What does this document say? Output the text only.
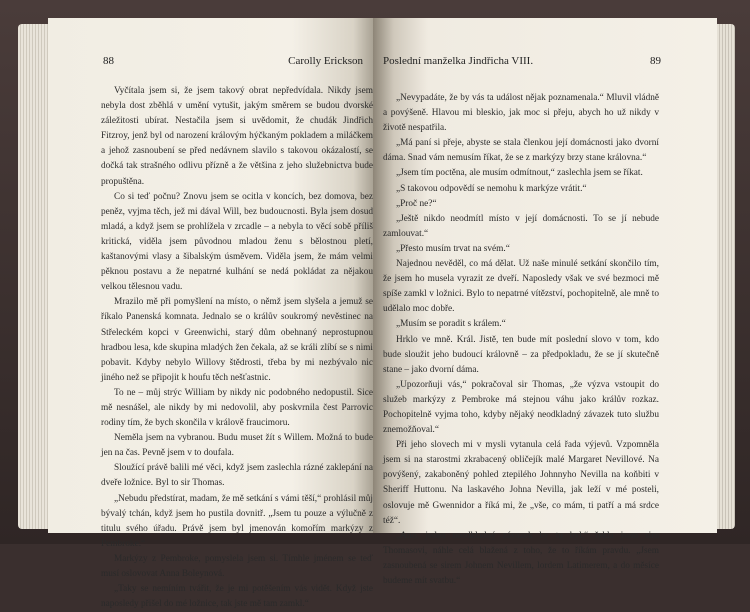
88	Carolly Erickson

Vyčítala jsem si, že jsem takový obrat nepředvídala. Nikdy jsem nebyla dost zběhlá v umění vytušit, jakým směrem se budou dvorské záležitosti ubírat. Nestačila jsem si uvědomit, že chudák Jindřich Fitzroy, jenž byl od narození královým hýčkaným pokladem a miláčkem a jehož zasnoubení se před nedávnem slavilo s takovou okázalostí, se dočká tak strašného odlivu přízně a že většina z jeho služebnictva bude propuštěna.

Co si teď počnu? Znovu jsem se ocitla v koncích, bez domova, bez peněz, vyjma těch, jež mi dával Will, bez budoucnosti. Byla jsem dosud mladá, a když jsem se prohlížela v zrcadle – a nebyla to věcí sobě příliš kritická, viděla jsem původnou mladou ženu s bělostnou pletí, kaštanovými vlasy a šibalským úsměvem. Viděla jsem, že mám velmi pěknou postavu a že nepatrné kulhání se nedá pokládat za nějakou velkou tělesnou vadu.

Mrazilo mě při pomyšlení na místo, o němž jsem slyšela a jemuž se říkalo Panenská komnata. Jednalo se o králův soukromý nevěstinec na Střeleckém kopci v Greenwichi, starý dům obehnaný neprostupnou hradbou lesa, kde skupina mladých žen čekala, až se králi zlíbí se s nimi pobavit. Kdyby nebylo Willovy štědrosti, třeba by mi nezbývalo nic jiného než se připojit k houfu těch nešťastnic.

To ne – můj strýc William by nikdy nic podobného nedopustil. Sice mě nesnášel, ale nikdy by mi nedovolil, aby poskvrnila čest Parrovic rodiny tím, že bych skončila v králově fraucimoru.

Neměla jsem na vybranou. Budu muset žít s Willem. Možná to bude jen na čas. Pevně jsem v to doufala.

Sloužící právě balili mé věci, když jsem zaslechla rázné zaklepání na dveře ložnice. Byl to sir Thomas.

„Nebudu předstírat, madam, že mě setkání s vámi těší,“ prohlásil můj bývalý tchán, když jsem ho pustila dovnitř. „Jsem tu pouze a výlučně z titulu svého úřadu. Právě jsem byl jmenován komořím markýzy z Pembroke.“

Markýzy z Pembroke, pomyslela jsem si. Tímhle jménem se teď musí oslovovat Anna Boleynová.

„Taky se nemíním tvářit, že je mi potěšením vás vidět. Když jste naposledy přišel do mé ložnice, tak jste mě tam zamkl.“

Poslední manželka Jindřicha VIII.	89

„Nevypadáte, že by vás ta událost nějak poznamenala.“ Mluvil vládně a povýšeně. Hlavou mi bleskio, jak moc si přeju, abych ho už nikdy v životě nespatřila.

„Má paní si přeje, abyste se stala členkou její domácnosti jako dvorní dáma. Snad vám nemusím říkat, že se z markýzy brzy stane královna.“

„Jsem tím poctěna, ale musím odmítnout,“ zaslechla jsem se říkat.

„S takovou odpovědí se nemohu k markýze vrátit.“

„Proč ne?“

„Ještě nikdo neodmítl místo v její domácnosti. To se jí nebude zamlouvat.“

„Přesto musím trvat na svém.“

Najednou nevěděl, co má dělat. Už naše minulé setkání skončilo tím, že jsem ho musela vyrazit ze dveří. Naposledy však ve své bezmoci mě spíše zamkl v ložnici. Bylo to nepatrné vítězství, pochopitelně, ale mně to udělalo moc dobře.

„Musím se poradit s králem.“

Hrklo ve mně. Král. Jistě, ten bude mít poslední slovo v tom, kdo bude sloužit jeho budoucí královně – za předpokladu, že se jí skutečně stane – jako dvorní dáma.

„Upozorňuji vás,“ pokračoval sir Thomas, „že výzva vstoupit do služeb markýzy z Pembroke má stejnou váhu jako králův rozkaz. Pochopitelně vyjma toho, kdyby nějaký neodkladný závazek tuto službu znemožňoval.“

Při jeho slovech mi v mysli vytanula celá řada výjevů. Vzpomněla jsem si na starostmi zkrabacený obličejík malé Margaret Nevillové. Na povýšený, zakaboněný pohled ztepilého Johnnyho Nevilla na koňbiti v Sheriff Huttonu. Na laskavého Johna Nevilla, jak leží v mé posteli, oslovuje mě Gwennidor a říká mi, že „vše, co mám, ti patří a má srdce též“.

„Ano, jeden neodkladný závazek by tu byl,“ řekla jsem siru Thomasovi, náhle celá blažená z toho, že to říkám pravdu. „Jsem zasnoubená se sirem Johnem Nevillem, lordem Latimerem, a do měsíce budeme mít svatbu.“
